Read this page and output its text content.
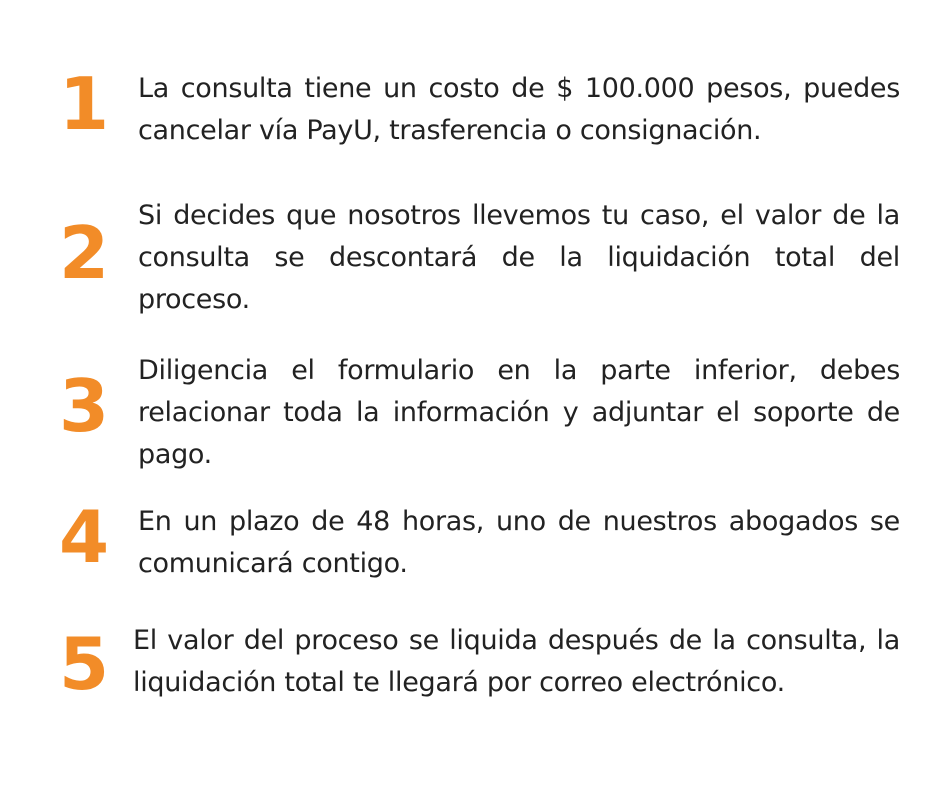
1 La consulta tiene un costo de $ 100.000 pesos, puedes cancelar vía PayU, trasferencia o consignación.
2 Si decides que nosotros llevemos tu caso, el valor de la consulta se descontará de la liquidación total del proceso.
3 Diligencia el formulario en la parte inferior, debes relacionar toda la información y adjuntar el soporte de pago.
4 En un plazo de 48 horas, uno de nuestros abogados se comunicará contigo.
5 El valor del proceso se liquida después de la consulta, la liquidación total te llegará por correo electrónico.
